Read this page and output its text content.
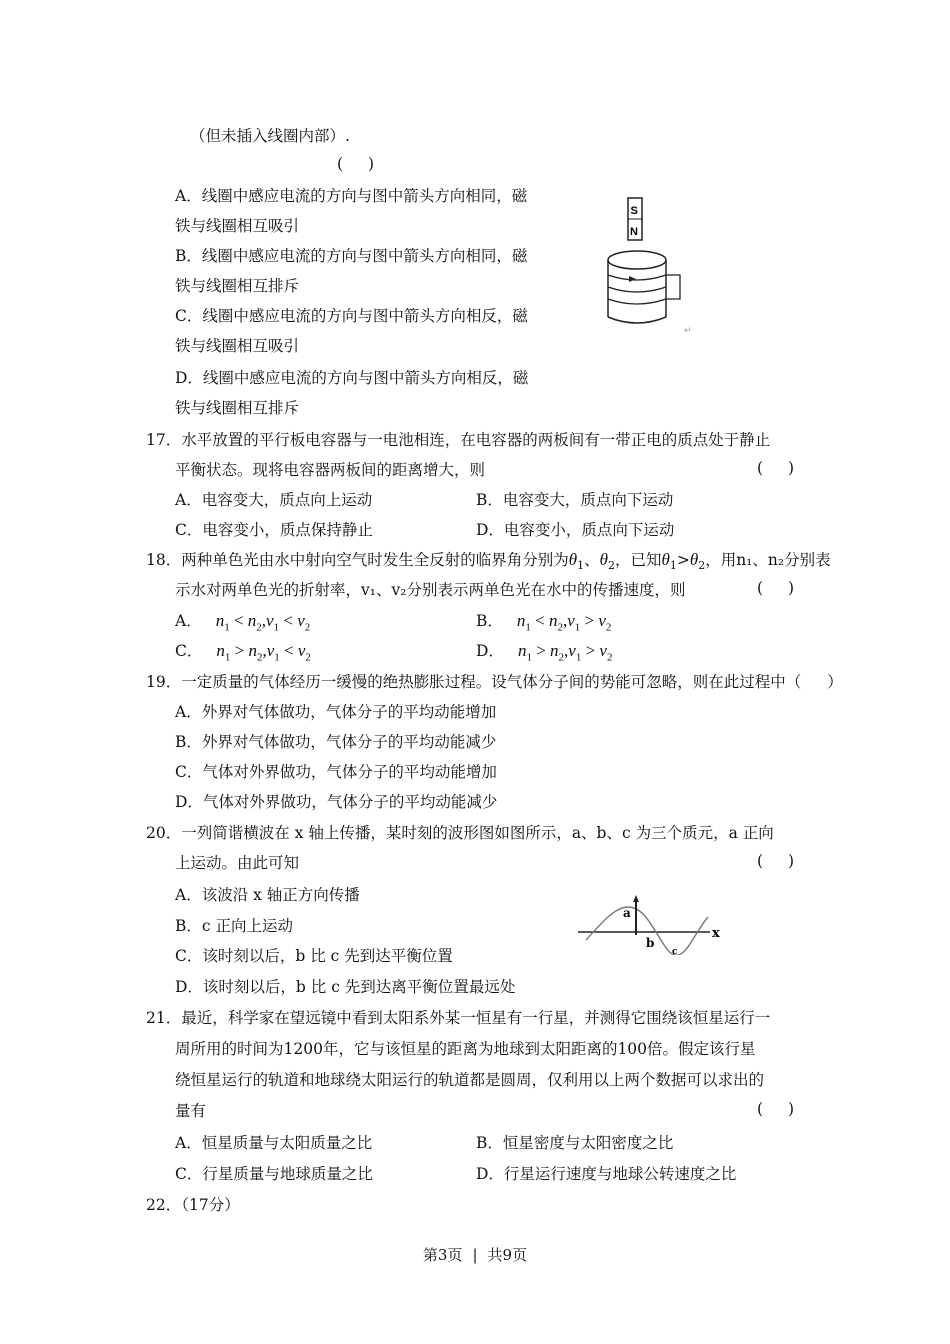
（但未插入线圈内部）.
( )
A．线圈中感应电流的方向与图中箭头方向相同，磁
铁与线圈相互吸引
B．线圈中感应电流的方向与图中箭头方向相同，磁
铁与线圈相互排斥
C．线圈中感应电流的方向与图中箭头方向相反，磁
铁与线圈相互吸引
D．线圈中感应电流的方向与图中箭头方向相反，磁
铁与线圈相互排斥
S
N
↵
17．水平放置的平行板电容器与一电池相连，在电容器的两板间有一带正电的质点处于静止
平衡状态。现将电容器两板间的距离增大，则	( )
A．电容变大，质点向上运动	B．电容变大，质点向下运动
C．电容变小，质点保持静止	D．电容变小，质点向下运动
18．两种单色光由水中射向空气时发生全反射的临界角分别为$\theta_1$、$\theta_2$，已知$\theta_1>\theta_2$，用n₁、n₂分别表
示水对两单色光的折射率，v₁、v₂分别表示两单色光在水中的传播速度，则	( )
A． $n_1 < n_2,v_1 < v_2$	B． $n_1 < n_2,v_1 > v_2$
C． $n_1 > n_2,v_1 < v_2$	D． $n_1 > n_2,v_1 > v_2$
19．一定质量的气体经历一缓慢的绝热膨胀过程。设气体分子间的势能可忽略，则在此过程中（ ）
A．外界对气体做功，气体分子的平均动能增加
B．外界对气体做功，气体分子的平均动能减少
C．气体对外界做功，气体分子的平均动能增加
D．气体对外界做功，气体分子的平均动能减少
20．一列简谐横波在 x 轴上传播，某时刻的波形图如图所示，a、b、c 为三个质元，a 正向
上运动。由此可知	( )
A．该波沿 x 轴正方向传播
B．c 正向上运动
C．该时刻以后，b 比 c 先到达平衡位置
D．该时刻以后，b 比 c 先到达离平衡位置最远处
x
a
b
c
21．最近，科学家在望远镜中看到太阳系外某一恒星有一行星，并测得它围绕该恒星运行一
周所用的时间为1200年，它与该恒星的距离为地球到太阳距离的100倍。假定该行星
绕恒星运行的轨道和地球绕太阳运行的轨道都是圆周，仅利用以上两个数据可以求出的
量有	( )
A．恒星质量与太阳质量之比	B．恒星密度与太阳密度之比
C．行星质量与地球质量之比	D．行星运行速度与地球公转速度之比
22．（17分）
第3页 | 共9页
